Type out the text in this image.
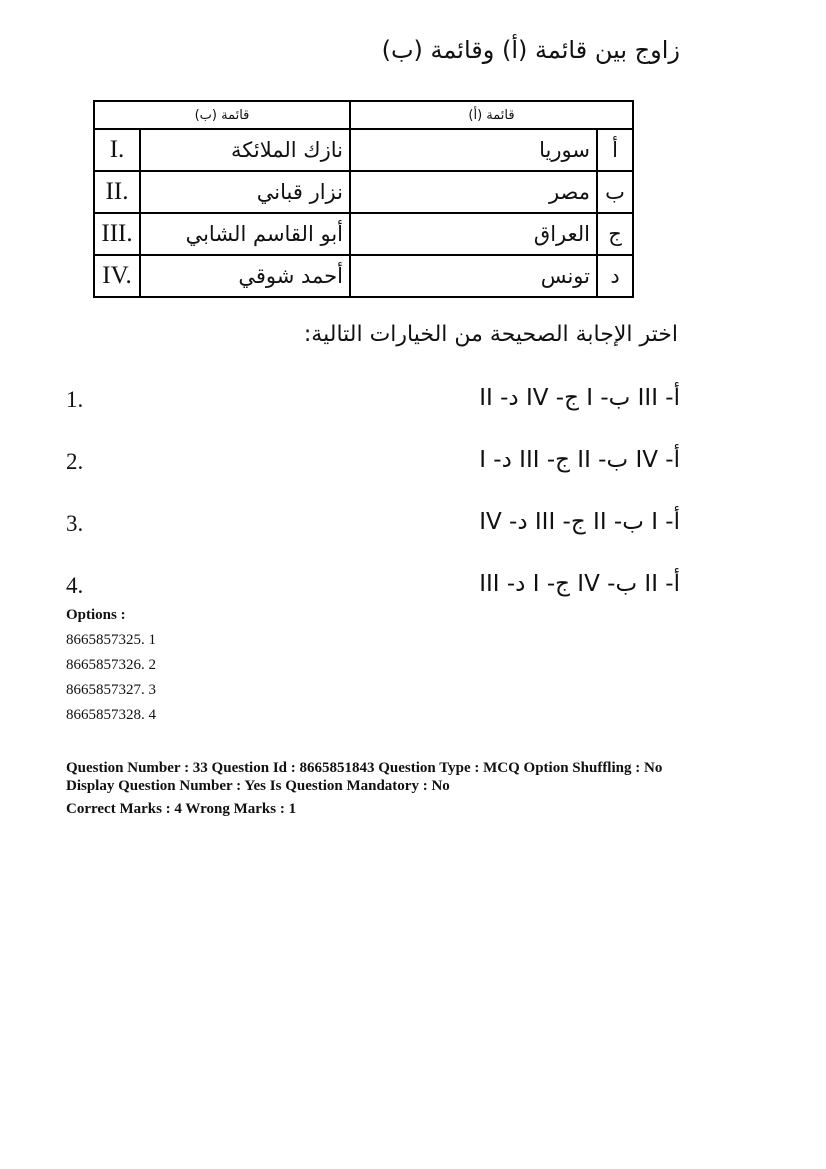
زاوج بين قائمة (أ) وقائمة (ب)
قائمة (ب)		قائمة (أ)	
I.	نازك الملائكة	سوريا	أ
II.	نزار قباني	مصر	ب
III.	أبو القاسم الشابي	العراق	ج
IV.	أحمد شوقي	تونس	د
اختر الإجابة الصحيحة من الخيارات التالية:
1.	أ- III ب- I ج- IV د- II
2.	أ- IV ب- II ج- III د- I
3.	أ- I ب- II ج- III د- IV
4.	أ- II ب- IV ج- I د- III
Options :
8665857325. 1
8665857326. 2
8665857327. 3
8665857328. 4
Question Number : 33 Question Id : 8665851843 Question Type : MCQ Option Shuffling : No
Display Question Number : Yes Is Question Mandatory : No
Correct Marks : 4 Wrong Marks : 1
